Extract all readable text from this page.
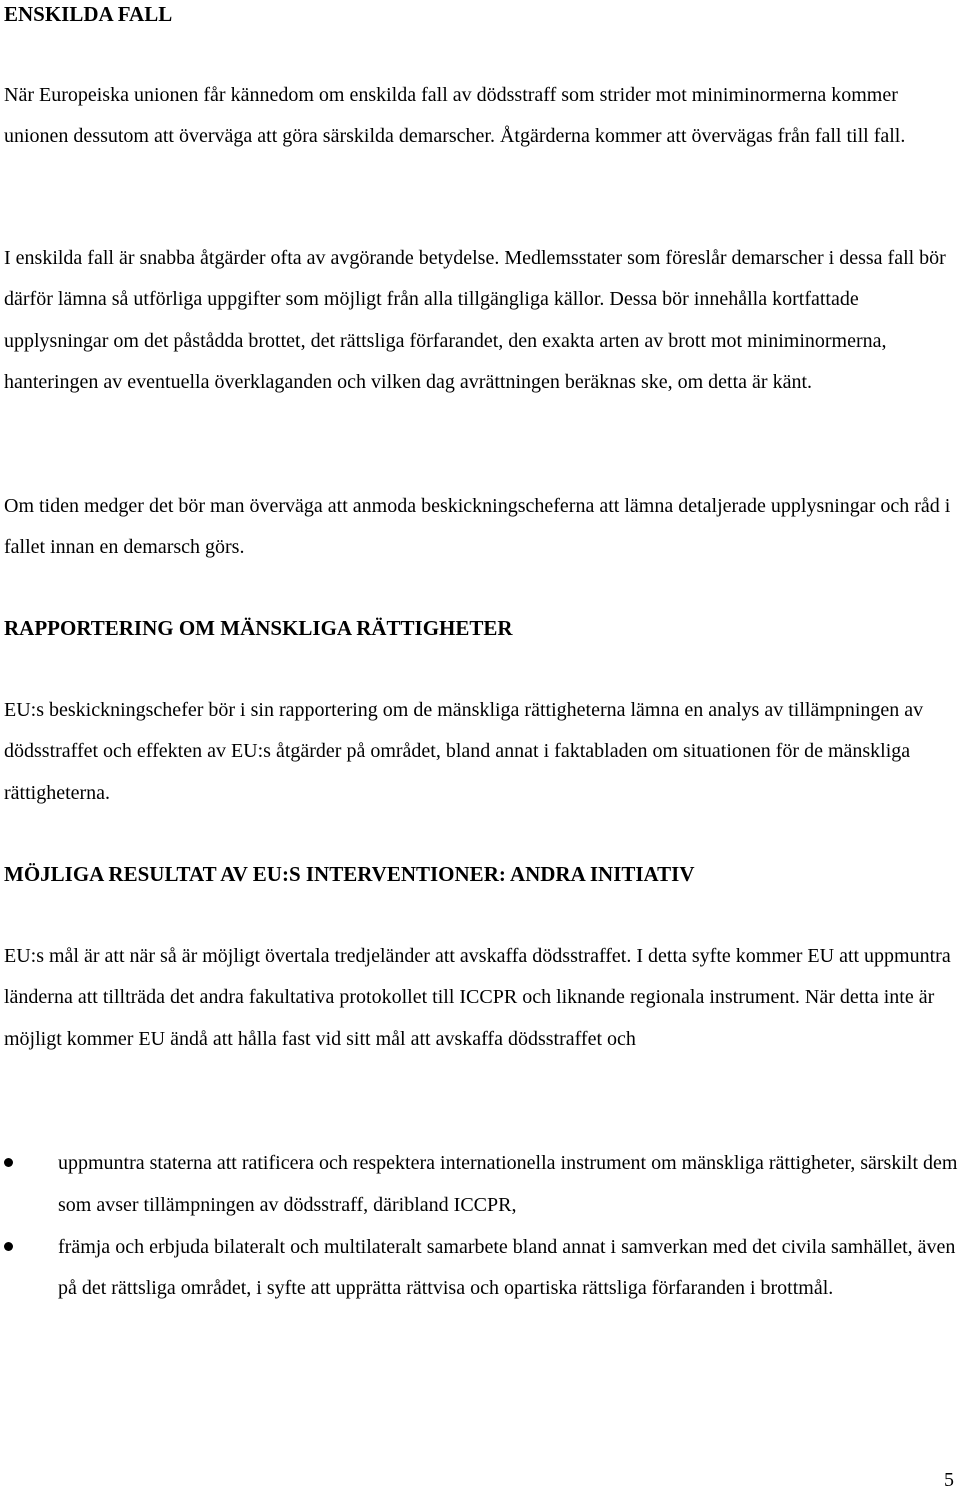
ENSKILDA FALL

När Europeiska unionen får kännedom om enskilda fall av dödsstraff som strider mot miniminormerna kommer unionen dessutom att överväga att göra särskilda demarscher. Åtgärderna kommer att övervägas från fall till fall.

I enskilda fall är snabba åtgärder ofta av avgörande betydelse. Medlemsstater som föreslår demarscher i dessa fall bör därför lämna så utförliga uppgifter som möjligt från alla tillgängliga källor. Dessa bör innehålla kortfattade upplysningar om det påstådda brottet, det rättsliga förfarandet, den exakta arten av brott mot miniminormerna, hanteringen av eventuella överklaganden och vilken dag avrättningen beräknas ske, om detta är känt.

Om tiden medger det bör man överväga att anmoda beskickningscheferna att lämna detaljerade upplysningar och råd i fallet innan en demarsch görs.

RAPPORTERING OM MÄNSKLIGA RÄTTIGHETER

EU:s beskickningschefer bör i sin rapportering om de mänskliga rättigheterna lämna en analys av tillämpningen av dödsstraffet och effekten av EU:s åtgärder på området, bland annat i faktabladen om situationen för de mänskliga rättigheterna.

MÖJLIGA RESULTAT AV EU:S INTERVENTIONER: ANDRA INITIATIV

EU:s mål är att när så är möjligt övertala tredjeländer att avskaffa dödsstraffet. I detta syfte kommer EU att uppmuntra länderna att tillträda det andra fakultativa protokollet till ICCPR och liknande regionala instrument. När detta inte är möjligt kommer EU ändå att hålla fast vid sitt mål att avskaffa dödsstraffet och

uppmuntra staterna att ratificera och respektera internationella instrument om mänskliga rättigheter, särskilt dem som avser tillämpningen av dödsstraff, däribland ICCPR,
främja och erbjuda bilateralt och multilateralt samarbete bland annat i samverkan med det civila samhället, även på det rättsliga området, i syfte att upprätta rättvisa och opartiska rättsliga förfaranden i brottmål.
5
